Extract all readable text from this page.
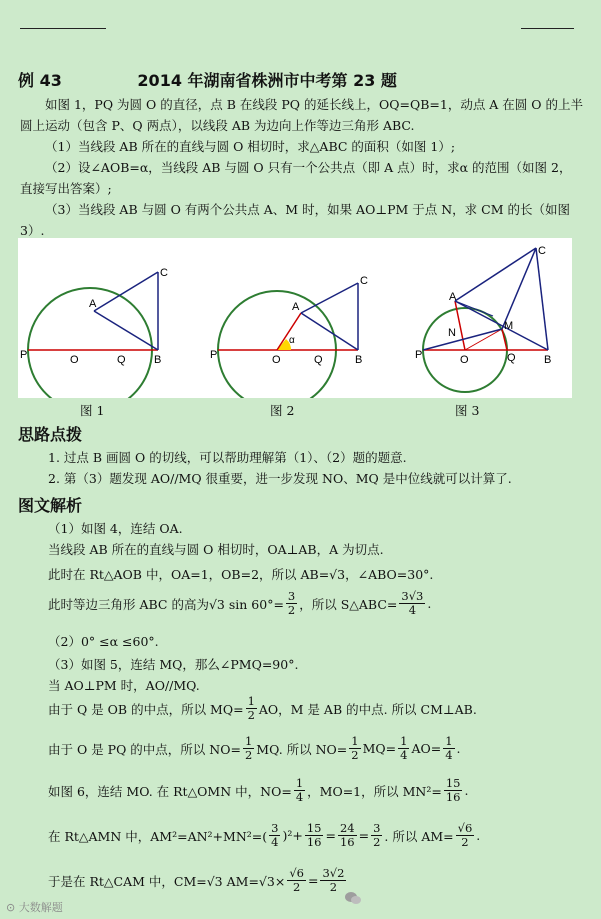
例 43	2014 年湖南省株洲市中考第 23 题
如图 1，PQ 为圆 O 的直径，点 B 在线段 PQ 的延长线上，OQ=QB=1，动点 A 在圆 O 的上半圆上运动（包含 P、Q 两点），以线段 AB 为边向上作等边三角形 ABC.
（1）当线段 AB 所在的直线与圆 O 相切时，求△ABC 的面积（如图 1）;
（2）设∠AOB=α，当线段 AB 与圆 O 只有一个公共点（即 A 点）时，求α 的范围（如图 2，直接写出答案）;
（3）当线段 AB 与圆 O 有两个公共点 A、M 时，如果 AO⊥PM 于点 N，求 CM 的长（如图 3）.
P	O	Q	B
A
C
P	O	Q	B
A
C
α
P	O	Q	B
A
C
M
N
图 1	图 2	图 3
思路点拨
1. 过点 B 画圆 O 的切线，可以帮助理解第（1）、（2）题的题意.
2. 第（3）题发现 AO//MQ 很重要，进一步发现 NO、MQ 是中位线就可以计算了.
图文解析
（1）如图 4，连结 OA.
当线段 AB 所在的直线与圆 O 相切时，OA⊥AB，A 为切点.
此时在 Rt△AOB 中，OA=1，OB=2，所以 AB=√3，∠ABO=30°.
此时等边三角形 ABC 的高为√3 $\sin 60^\circ= \frac{3}{2}$ ，所以 S△ABC= $\frac{3√3}{4}$ .
（2）0° ≤α ≤60°.
（3）如图 5，连结 MQ，那么∠PMQ=90°.
当 AO⊥PM 时，AO//MQ.
由于 Q 是 OB 的中点，所以 $MQ= \frac{1}{2}$ AO，M 是 AB 的中点. 所以 CM⊥AB.
由于 O 是 PQ 的中点，所以 $NO= \frac{1}{2}$ MQ. 所以 $NO= \frac{1}{2} MQ= \frac{1}{4} AO= \frac{1}{4}$ .
如图 6，连结 MO. 在 Rt△OMN 中，$NO= \frac{1}{4}$ ，MO=1，所以 $MN^2= \frac{15}{16}$ .
在 Rt△AMN 中，$AM^2=AN^2+MN^2=( \frac{3}{4} )^2+ \frac{15}{16} = \frac{24}{16} = \frac{3}{2}$ . 所以 $AM= \frac{√6}{2}$ .
于是在 Rt△CAM 中，CM=√3 $AM=√3\times \frac{√6}{2} = \frac{3√2}{2}$
⊙ 大数解题
